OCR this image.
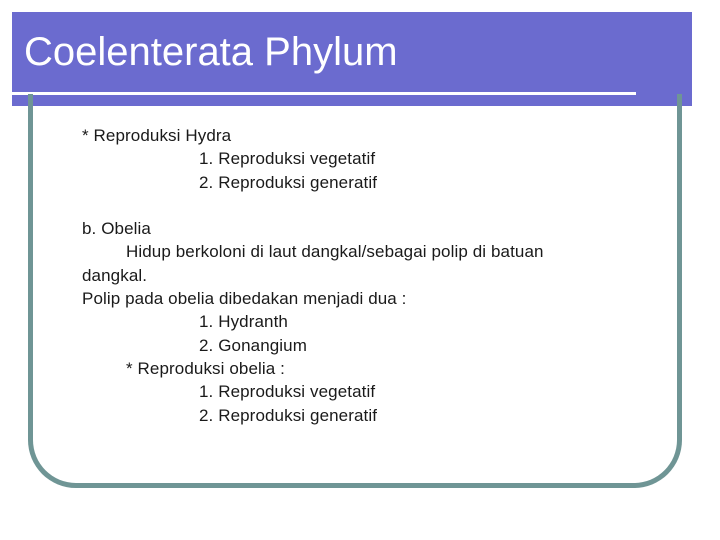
Coelenterata Phylum

* Reproduksi Hydra

1. Reproduksi vegetatif

2. Reproduksi generatif

b. Obelia

Hidup berkoloni di laut dangkal/sebagai polip di batuan

dangkal.

Polip pada obelia dibedakan menjadi dua :

1. Hydranth

2. Gonangium

* Reproduksi obelia :

1. Reproduksi vegetatif

2. Reproduksi generatif
